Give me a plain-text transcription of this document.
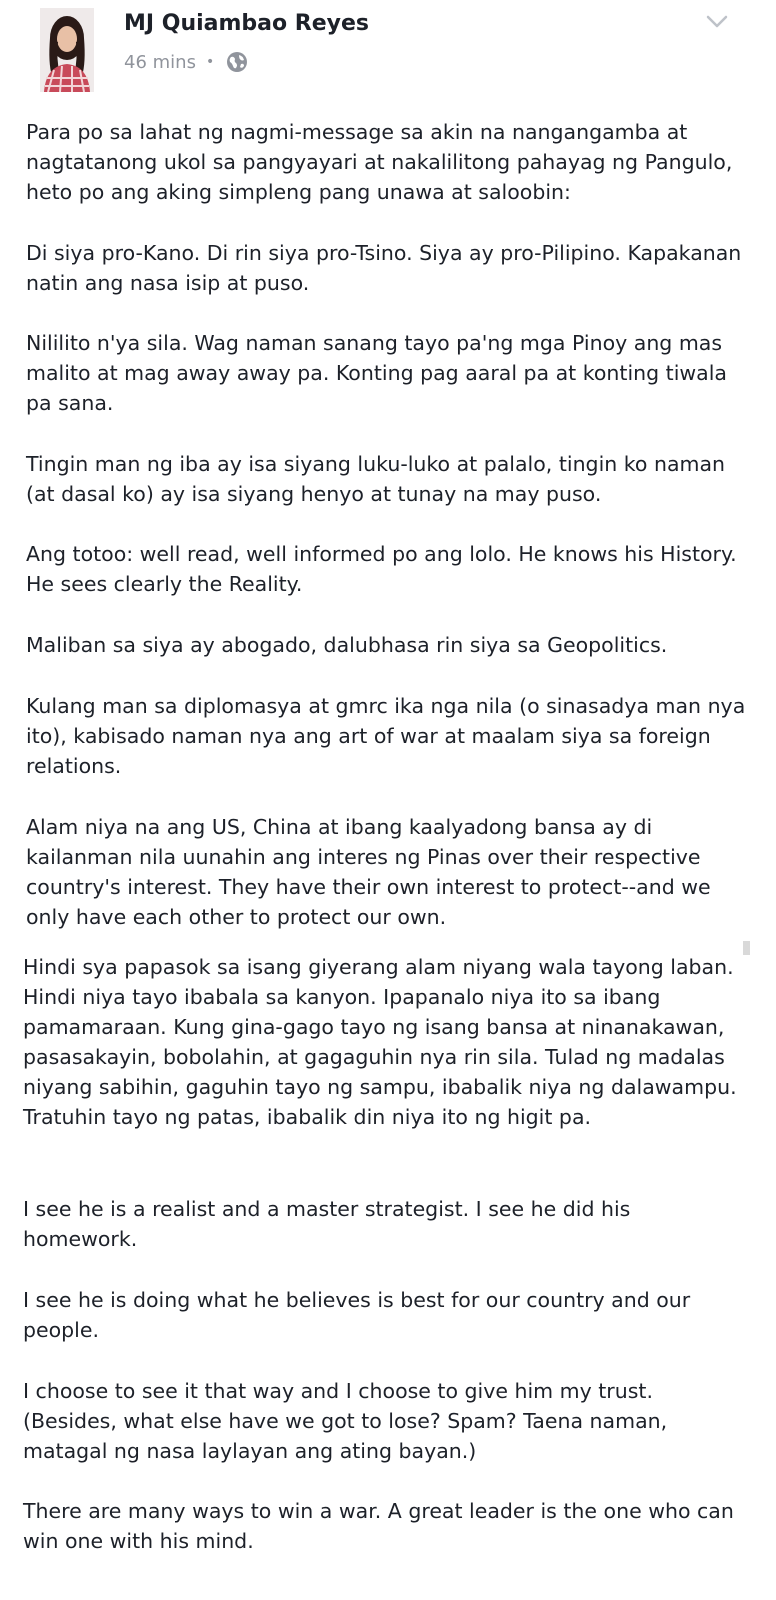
MJ Quiambao Reyes
46 mins •

Para po sa lahat ng nagmi-message sa akin na nangangamba at nagtatanong ukol sa pangyayari at nakalilitong pahayag ng Pangulo, heto po ang aking simpleng pang unawa at saloobin:

Di siya pro-Kano. Di rin siya pro-Tsino. Siya ay pro-Pilipino. Kapakanan natin ang nasa isip at puso.

Nililito n'ya sila. Wag naman sanang tayo pa'ng mga Pinoy ang mas malito at mag away away pa. Konting pag aaral pa at konting tiwala pa sana.

Tingin man ng iba ay isa siyang luku-luko at palalo, tingin ko naman (at dasal ko) ay isa siyang henyo at tunay na may puso.

Ang totoo: well read, well informed po ang lolo. He knows his History. He sees clearly the Reality.

Maliban sa siya ay abogado, dalubhasa rin siya sa Geopolitics.

Kulang man sa diplomasya at gmrc ika nga nila (o sinasadya man nya ito), kabisado naman nya ang art of war at maalam siya sa foreign relations.

Alam niya na ang US, China at ibang kaalyadong bansa ay di kailanman nila uunahin ang interes ng Pinas over their respective country's interest. They have their own interest to protect--and we only have each other to protect our own.

Hindi sya papasok sa isang giyerang alam niyang wala tayong laban. Hindi niya tayo ibabala sa kanyon. Ipapanalo niya ito sa ibang pamamaraan. Kung gina-gago tayo ng isang bansa at ninanakawan, pasasakayin, bobolahin, at gagaguhin nya rin sila. Tulad ng madalas niyang sabihin, gaguhin tayo ng sampu, ibabalik niya ng dalawampu. Tratuhin tayo ng patas, ibabalik din niya ito ng higit pa.

I see he is a realist and a master strategist. I see he did his homework.

I see he is doing what he believes is best for our country and our people.

I choose to see it that way and I choose to give him my trust. (Besides, what else have we got to lose? Spam? Taena naman, matagal ng nasa laylayan ang ating bayan.)

There are many ways to win a war. A great leader is the one who can win one with his mind.
